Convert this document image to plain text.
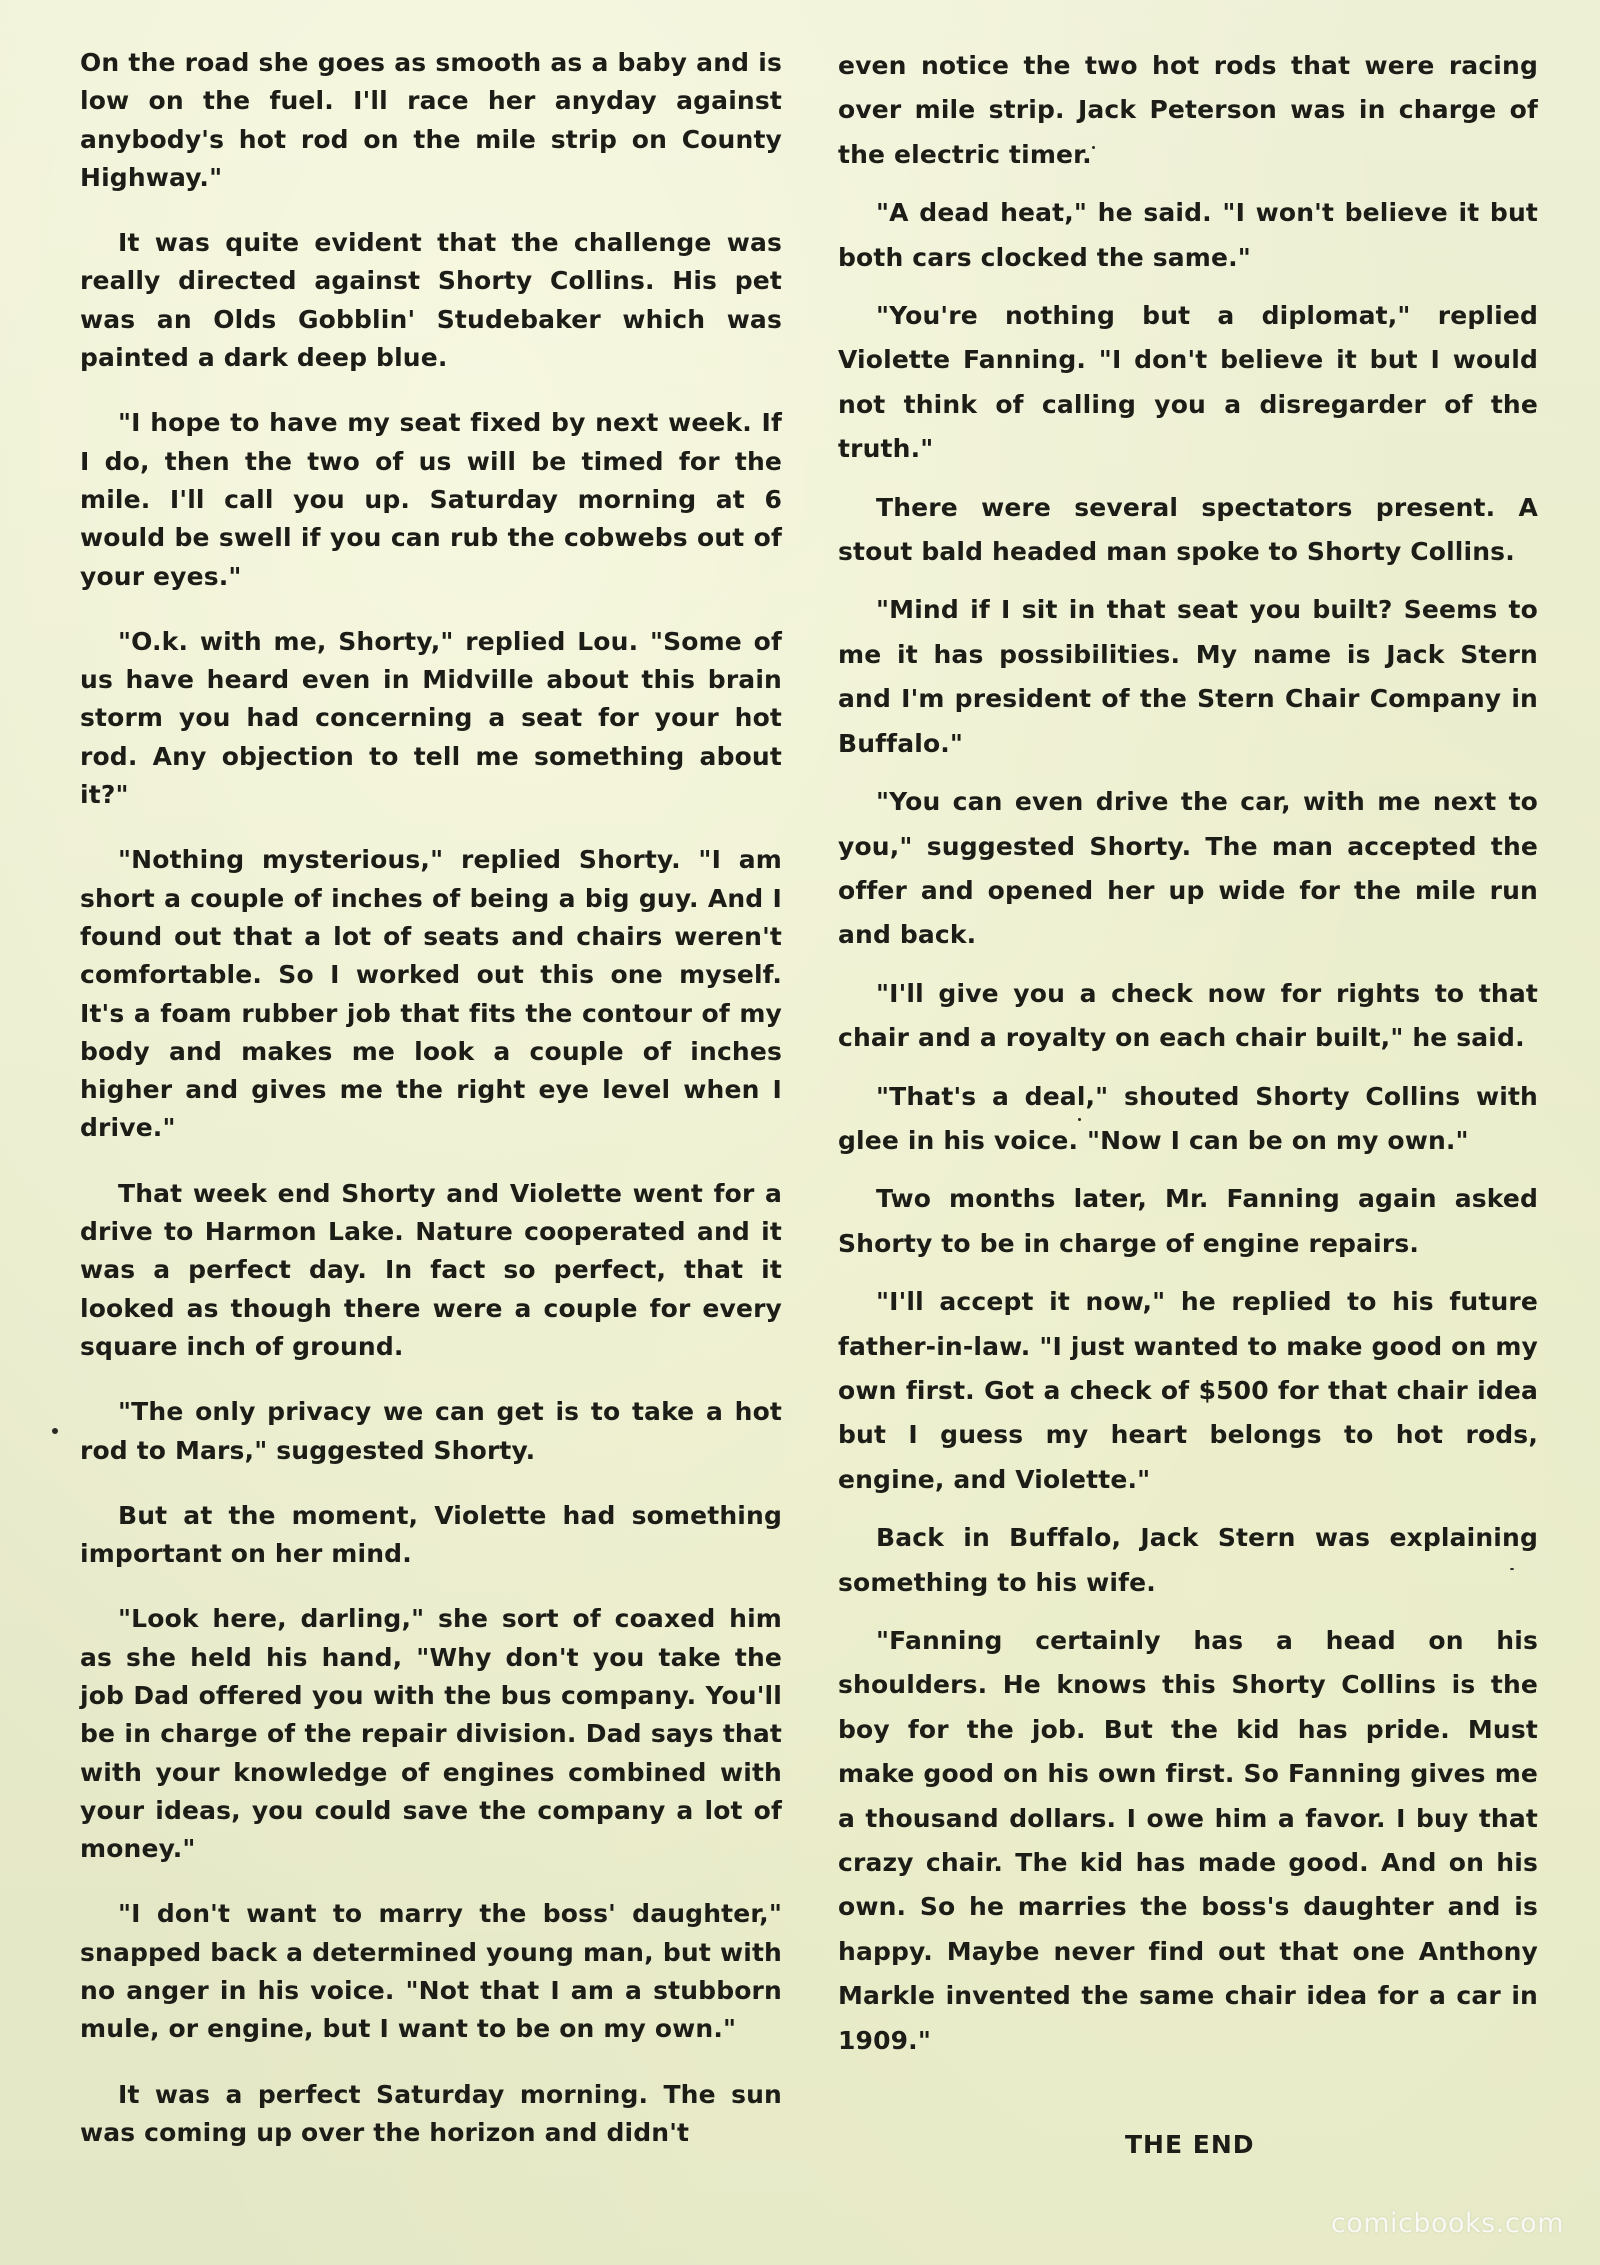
On the road she goes as smooth as a baby and is low on the fuel. I'll race her anyday against anybody's hot rod on the mile strip on County Highway."

It was quite evident that the challenge was really directed against Shorty Collins. His pet was an Olds Gobblin' Studebaker which was painted a dark deep blue.

"I hope to have my seat fixed by next week. If I do, then the two of us will be timed for the mile. I'll call you up. Saturday morning at 6 would be swell if you can rub the cobwebs out of your eyes."

"O.k. with me, Shorty," replied Lou. "Some of us have heard even in Midville about this brain storm you had concerning a seat for your hot rod. Any objection to tell me something about it?"

"Nothing mysterious," replied Shorty. "I am short a couple of inches of being a big guy. And I found out that a lot of seats and chairs weren't comfortable. So I worked out this one myself. It's a foam rubber job that fits the contour of my body and makes me look a couple of inches higher and gives me the right eye level when I drive."

That week end Shorty and Violette went for a drive to Harmon Lake. Nature cooperated and it was a perfect day. In fact so perfect, that it looked as though there were a couple for every square inch of ground.

"The only privacy we can get is to take a hot rod to Mars," suggested Shorty.

But at the moment, Violette had something important on her mind.

"Look here, darling," she sort of coaxed him as she held his hand, "Why don't you take the job Dad offered you with the bus company. You'll be in charge of the repair division. Dad says that with your knowledge of engines combined with your ideas, you could save the company a lot of money."

"I don't want to marry the boss' daughter," snapped back a determined young man, but with no anger in his voice. "Not that I am a stubborn mule, or engine, but I want to be on my own."

It was a perfect Saturday morning. The sun was coming up over the horizon and didn't

even notice the two hot rods that were racing over mile strip. Jack Peterson was in charge of the electric timer.

"A dead heat," he said. "I won't believe it but both cars clocked the same."

"You're nothing but a diplomat," replied Violette Fanning. "I don't believe it but I would not think of calling you a disregarder of the truth."

There were several spectators present. A stout bald headed man spoke to Shorty Collins.

"Mind if I sit in that seat you built? Seems to me it has possibilities. My name is Jack Stern and I'm president of the Stern Chair Company in Buffalo."

"You can even drive the car, with me next to you," suggested Shorty. The man accepted the offer and opened her up wide for the mile run and back.

"I'll give you a check now for rights to that chair and a royalty on each chair built," he said.

"That's a deal," shouted Shorty Collins with glee in his voice. "Now I can be on my own."

Two months later, Mr. Fanning again asked Shorty to be in charge of engine repairs.

"I'll accept it now," he replied to his future father-in-law. "I just wanted to make good on my own first. Got a check of $500 for that chair idea but I guess my heart belongs to hot rods, engine, and Violette."

Back in Buffalo, Jack Stern was explaining something to his wife.

"Fanning certainly has a head on his shoulders. He knows this Shorty Collins is the boy for the job. But the kid has pride. Must make good on his own first. So Fanning gives me a thousand dollars. I owe him a favor. I buy that crazy chair. The kid has made good. And on his own. So he marries the boss's daughter and is happy. Maybe never find out that one Anthony Markle invented the same chair idea for a car in 1909."

THE END
comicbooks.com
